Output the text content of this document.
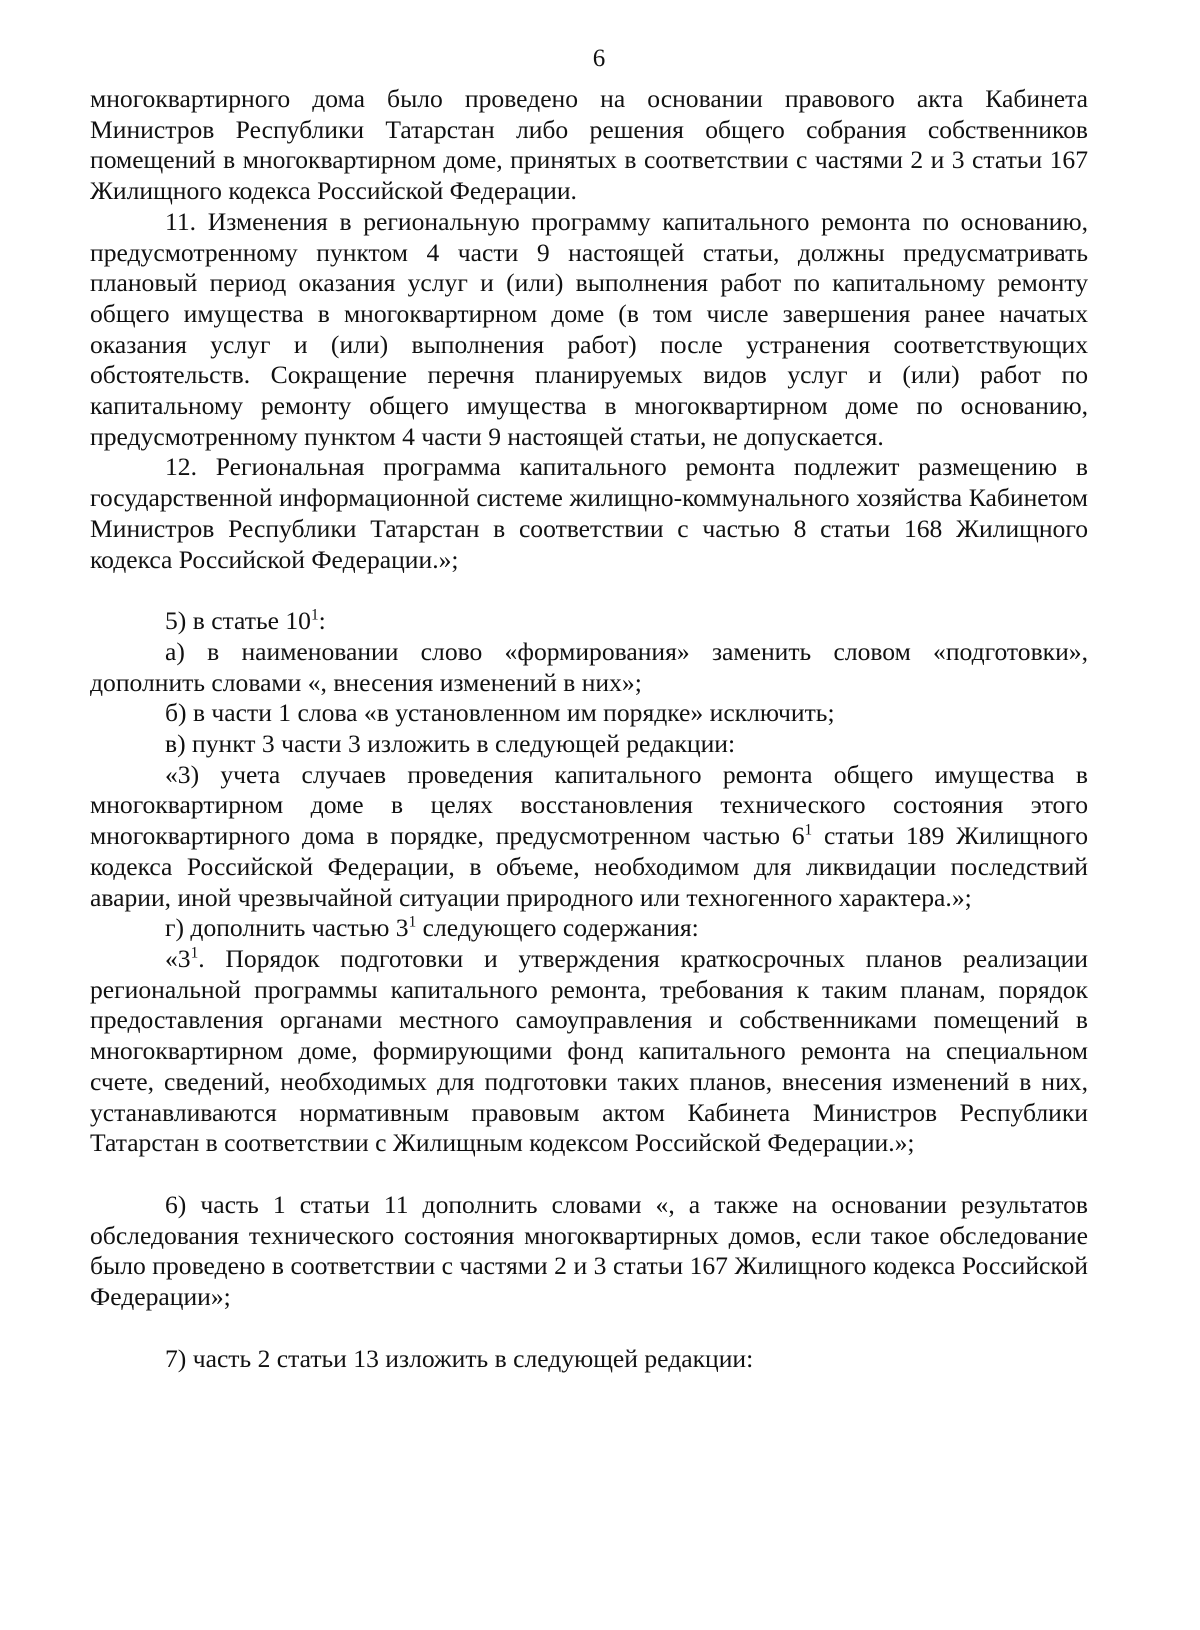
6

многоквартирного дома было проведено на основании правового акта Кабинета Министров Республики Татарстан либо решения общего собрания собственников помещений в многоквартирном доме, принятых в соответствии с частями 2 и 3 статьи 167 Жилищного кодекса Российской Федерации.

11. Изменения в региональную программу капитального ремонта по основанию, предусмотренному пунктом 4 части 9 настоящей статьи, должны предусматривать плановый период оказания услуг и (или) выполнения работ по капитальному ремонту общего имущества в многоквартирном доме (в том числе завершения ранее начатых оказания услуг и (или) выполнения работ) после устранения соответствующих обстоятельств. Сокращение перечня планируемых видов услуг и (или) работ по капитальному ремонту общего имущества в многоквартирном доме по основанию, предусмотренному пунктом 4 части 9 настоящей статьи, не допускается.

12. Региональная программа капитального ремонта подлежит размещению в государственной информационной системе жилищно-коммунального хозяйства Кабинетом Министров Республики Татарстан в соответствии с частью 8 статьи 168 Жилищного кодекса Российской Федерации.»;

5) в статье $10^1$:

а) в наименовании слово «формирования» заменить словом «подготовки», дополнить словами «, внесения изменений в них»;

б) в части 1 слова «в установленном им порядке» исключить;

в) пункт 3 части 3 изложить в следующей редакции:

«3) учета случаев проведения капитального ремонта общего имущества в многоквартирном доме в целях восстановления технического состояния этого многоквартирного дома в порядке, предусмотренном частью $6^1$ статьи 189 Жилищного кодекса Российской Федерации, в объеме, необходимом для ликвидации последствий аварии, иной чрезвычайной ситуации природного или техногенного характера.»;

г) дополнить частью $3^1$ следующего содержания:

«$3^1$. Порядок подготовки и утверждения краткосрочных планов реализации региональной программы капитального ремонта, требования к таким планам, порядок предоставления органами местного самоуправления и собственниками помещений в многоквартирном доме, формирующими фонд капитального ремонта на специальном счете, сведений, необходимых для подготовки таких планов, внесения изменений в них, устанавливаются нормативным правовым актом Кабинета Министров Республики Татарстан в соответствии с Жилищным кодексом Российской Федерации.»;

6) часть 1 статьи 11 дополнить словами «, а также на основании результатов обследования технического состояния многоквартирных домов, если такое обследование было проведено в соответствии с частями 2 и 3 статьи 167 Жилищного кодекса Российской Федерации»;

7) часть 2 статьи 13 изложить в следующей редакции:
